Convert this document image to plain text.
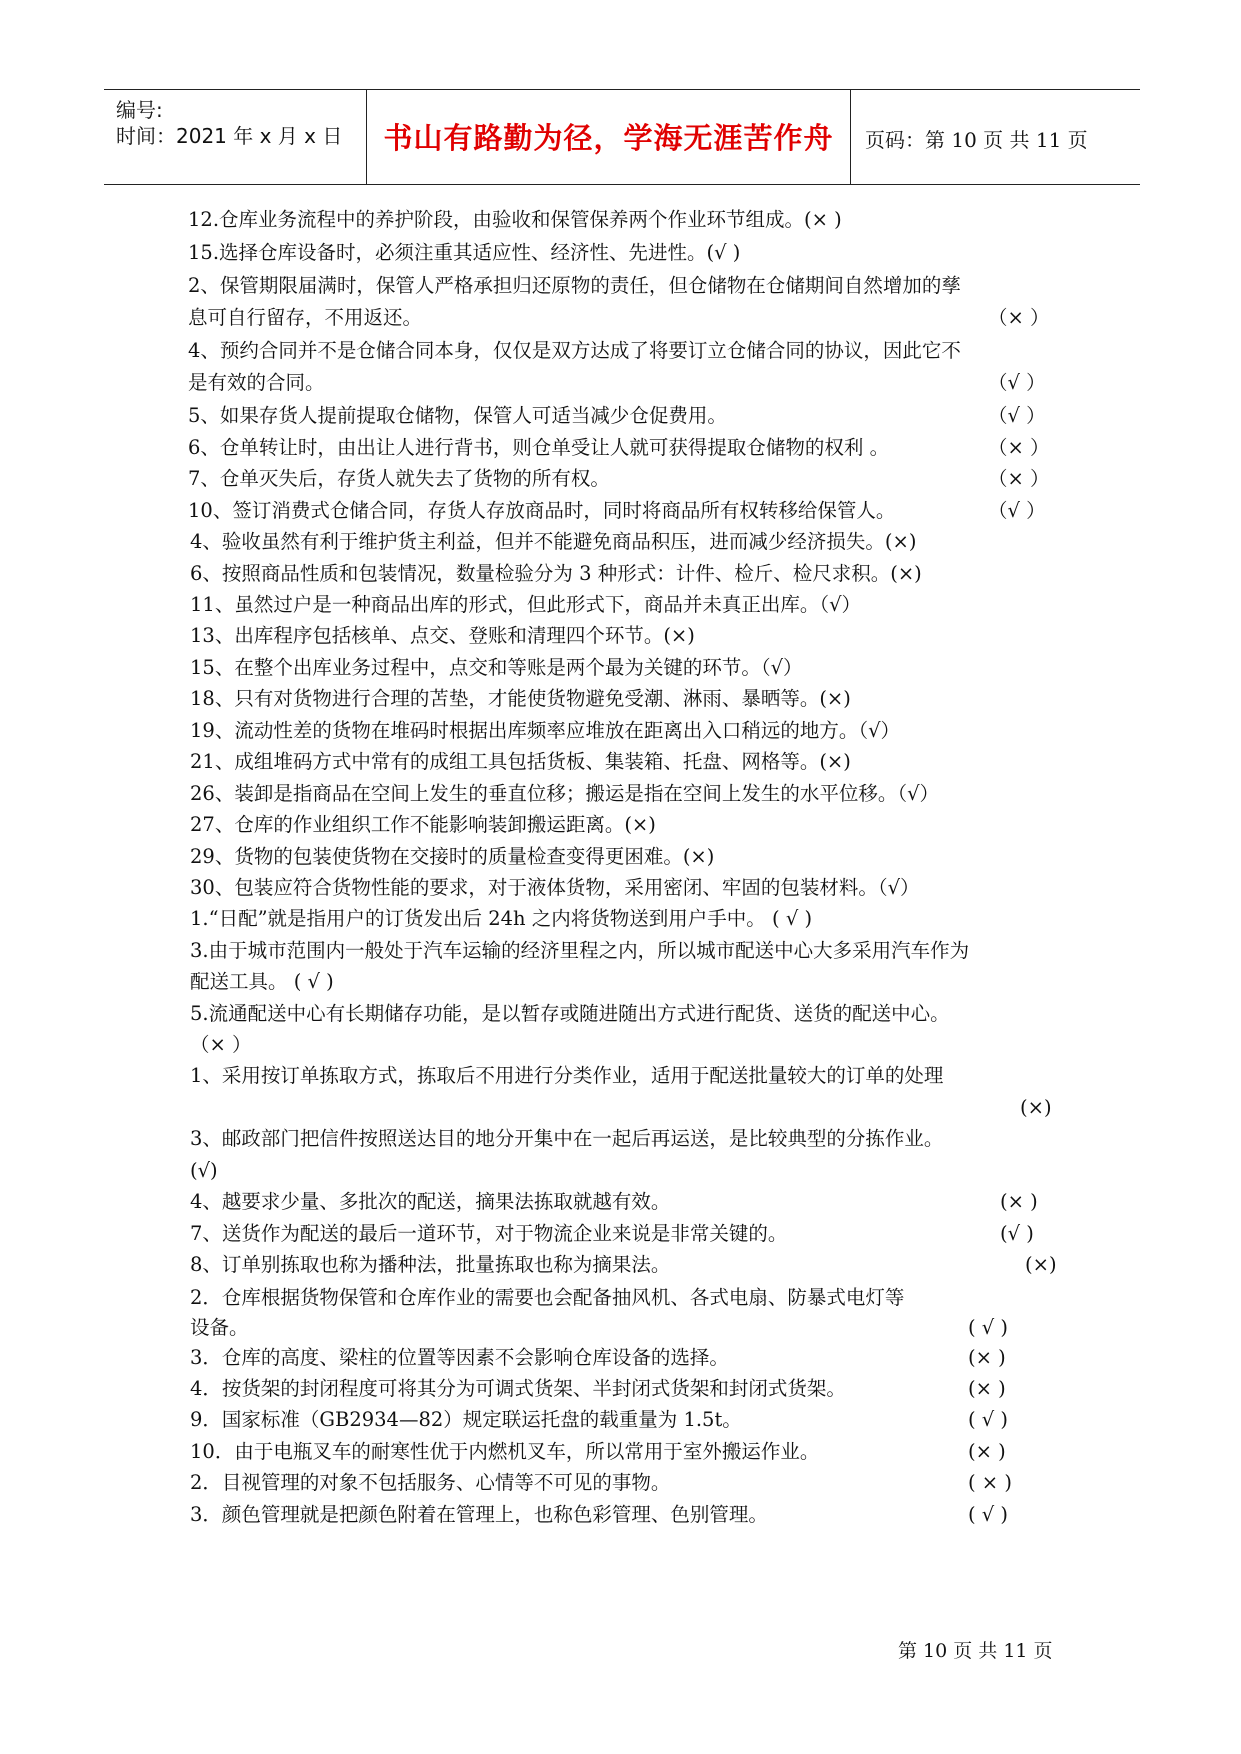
编号:
时间：2021 年 x 月 x 日	书山有路勤为径，学海无涯苦作舟	页码：第 10 页 共 11 页
12.仓库业务流程中的养护阶段，由验收和保管保养两个作业环节组成。(× )
15.选择仓库设备时，必须注重其适应性、经济性、先进性。(√ )
2、保管期限届满时，保管人严格承担归还原物的责任，但仓储物在仓储期间自然增加的孳
息可自行留存，不用返还。	（× ）
4、预约合同并不是仓储合同本身，仅仅是双方达成了将要订立仓储合同的协议，因此它不
是有效的合同。	（√ ）
5、如果存货人提前提取仓储物，保管人可适当减少仓促费用。	（√ ）
6、仓单转让时，由出让人进行背书，则仓单受让人就可获得提取仓储物的权利 。	（× ）
7、仓单灭失后，存货人就失去了货物的所有权。	（× ）
10、签订消费式仓储合同，存货人存放商品时，同时将商品所有权转移给保管人。	（√ ）
4、验收虽然有利于维护货主利益，但并不能避免商品积压，进而减少经济损失。(×)
6、按照商品性质和包装情况，数量检验分为 3 种形式：计件、检斤、检尺求积。(×)
11、虽然过户是一种商品出库的形式，但此形式下，商品并未真正出库。（√）
13、出库程序包括核单、点交、登账和清理四个环节。(×)
15、在整个出库业务过程中，点交和等账是两个最为关键的环节。（√）
18、只有对货物进行合理的苫垫，才能使货物避免受潮、淋雨、暴晒等。(×)
19、流动性差的货物在堆码时根据出库频率应堆放在距离出入口稍远的地方。（√）
21、成组堆码方式中常有的成组工具包括货板、集装箱、托盘、网格等。(×)
26、装卸是指商品在空间上发生的垂直位移；搬运是指在空间上发生的水平位移。（√）
27、仓库的作业组织工作不能影响装卸搬运距离。(×)
29、货物的包装使货物在交接时的质量检查变得更困难。(×)
30、包装应符合货物性能的要求，对于液体货物，采用密闭、牢固的包装材料。（√）
1.“日配”就是指用户的订货发出后 24h 之内将货物送到用户手中。 ( √ )
3.由于城市范围内一般处于汽车运输的经济里程之内，所以城市配送中心大多采用汽车作为
配送工具。 ( √ )
5.流通配送中心有长期储存功能，是以暂存或随进随出方式进行配货、送货的配送中心。
（× ）
1、采用按订单拣取方式，拣取后不用进行分类作业，适用于配送批量较大的订单的处理
(×)
3、邮政部门把信件按照送达目的地分开集中在一起后再运送，是比较典型的分拣作业。
(√)
4、越要求少量、多批次的配送，摘果法拣取就越有效。	(× )
7、送货作为配送的最后一道环节，对于物流企业来说是非常关键的。	(√ )
8、订单别拣取也称为播种法，批量拣取也称为摘果法。	(×)
2．仓库根据货物保管和仓库作业的需要也会配备抽风机、各式电扇、防暴式电灯等
设备。	( √ )
3．仓库的高度、梁柱的位置等因素不会影响仓库设备的选择。	(× )
4．按货架的封闭程度可将其分为可调式货架、半封闭式货架和封闭式货架。	(× )
9．国家标准（GB2934—82）规定联运托盘的载重量为 1.5t。	( √ )
10．由于电瓶叉车的耐寒性优于内燃机叉车，所以常用于室外搬运作业。	(× )
2．目视管理的对象不包括服务、心情等不可见的事物。	( × )
3．颜色管理就是把颜色附着在管理上，也称色彩管理、色别管理。	( √ )
第 10 页 共 11 页
